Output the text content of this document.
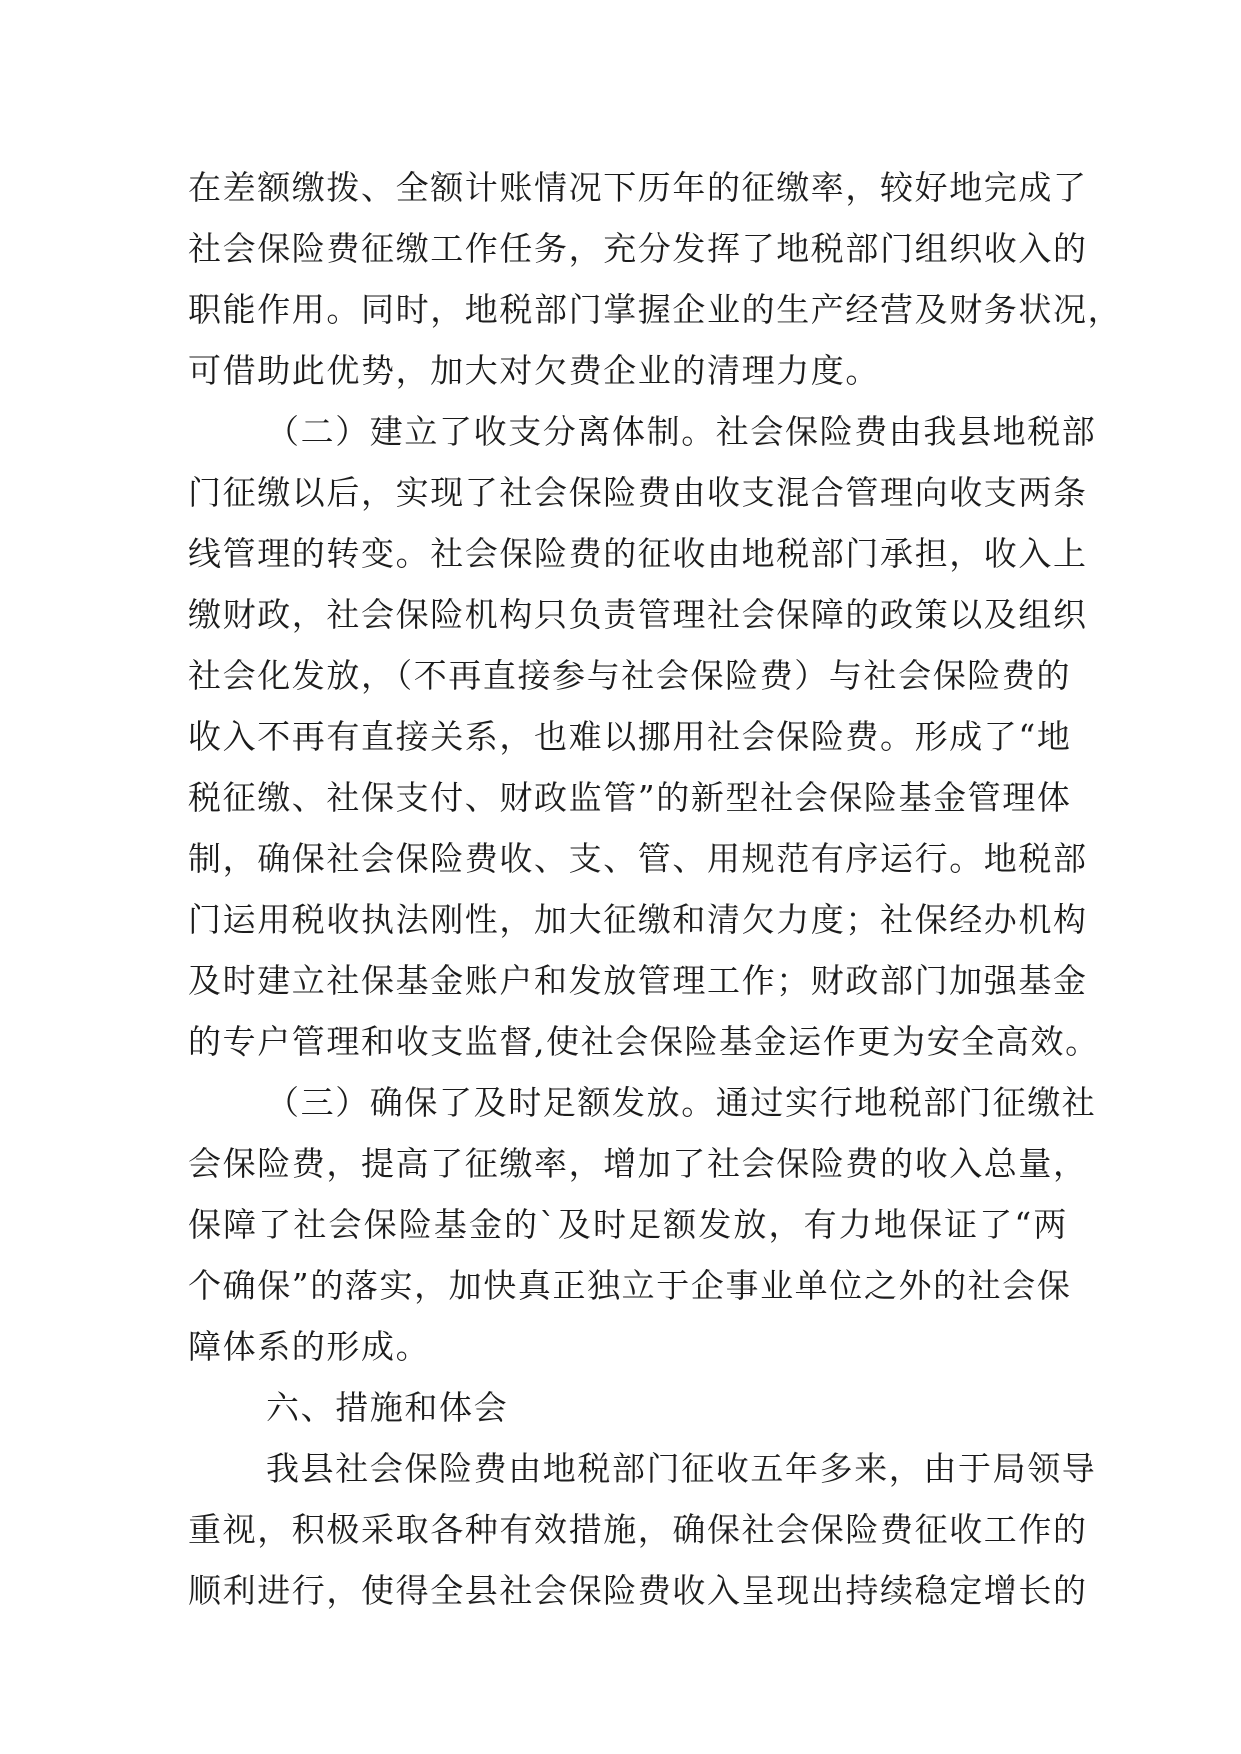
在差额缴拨、全额计账情况下历年的征缴率，较好地完成了
社会保险费征缴工作任务，充分发挥了地税部门组织收入的
职能作用。同时，地税部门掌握企业的生产经营及财务状况，
可借助此优势，加大对欠费企业的清理力度。
（二）建立了收支分离体制。社会保险费由我县地税部
门征缴以后，实现了社会保险费由收支混合管理向收支两条
线管理的转变。社会保险费的征收由地税部门承担，收入上
缴财政，社会保险机构只负责管理社会保障的政策以及组织
社会化发放，（不再直接参与社会保险费）与社会保险费的
收入不再有直接关系，也难以挪用社会保险费。形成了“地
税征缴、社保支付、财政监管”的新型社会保险基金管理体
制，确保社会保险费收、支、管、用规范有序运行。地税部
门运用税收执法刚性，加大征缴和清欠力度；社保经办机构
及时建立社保基金账户和发放管理工作；财政部门加强基金
的专户管理和收支监督,使社会保险基金运作更为安全高效。
（三）确保了及时足额发放。通过实行地税部门征缴社
会保险费，提高了征缴率，增加了社会保险费的收入总量，
保障了社会保险基金的`及时足额发放，有力地保证了“两
个确保”的落实，加快真正独立于企事业单位之外的社会保
障体系的形成。
六、措施和体会
我县社会保险费由地税部门征收五年多来，由于局领导
重视，积极采取各种有效措施，确保社会保险费征收工作的
顺利进行，使得全县社会保险费收入呈现出持续稳定增长的
